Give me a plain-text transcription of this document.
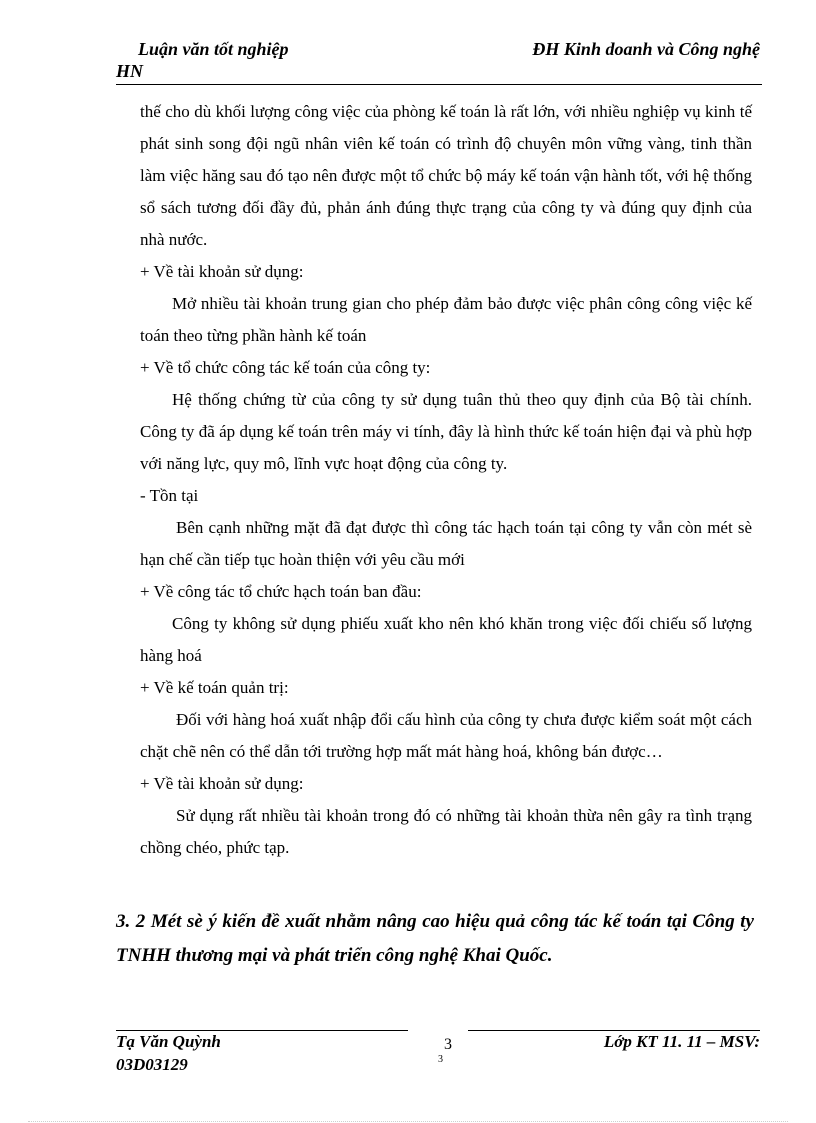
Luận văn tốt nghiệp
HN
ĐH Kinh doanh và Công nghệ

thế cho dù khối lượng công việc của phòng kế toán là rất lớn, với nhiều nghiệp vụ kinh tế phát sinh song đội ngũ nhân viên kế toán có trình độ chuyên môn vững vàng, tinh thần làm việc hăng sau đó tạo nên được một tổ chức bộ máy kế toán vận hành tốt, với hệ thống sổ sách tương đối đầy đủ, phản ánh đúng thực trạng của công ty và đúng quy định của nhà nước.

+ Về tài khoản sử dụng:

Mở nhiều tài khoản trung gian cho phép đảm bảo được việc phân công công việc kế toán theo từng phần hành kế toán

+ Về tổ chức công tác kế toán của công ty:

Hệ thống chứng từ của công ty sử dụng tuân thủ theo quy định của Bộ tài chính. Công ty đã áp dụng kế toán trên máy vi tính, đây là hình thức kế toán hiện đại và phù hợp với năng lực, quy mô, lĩnh vực hoạt động của công ty.

- Tồn tại

Bên cạnh những mặt đã đạt được thì công tác hạch toán tại công ty vẫn còn mét sè hạn chế cần tiếp tục hoàn thiện với yêu cầu mới

+ Về công tác tổ chức hạch toán ban đầu:

Công ty không sử dụng phiếu xuất kho nên khó khăn trong việc đối chiếu số lượng hàng hoá

+ Về kế toán quản trị:

Đối với hàng hoá xuất nhập đổi cấu hình của công ty chưa được kiểm soát một cách chặt chẽ nên có thể dẫn tới trường hợp mất mát hàng hoá, không bán được…

+ Về tài khoản sử dụng:

Sử dụng rất nhiều tài khoản trong đó có những tài khoản thừa nên gây ra tình trạng chồng chéo, phức tạp.

3. 2 Mét sè ý kiến đề xuất nhằm nâng cao hiệu quả công tác kế toán tại Công ty TNHH thương mại và phát triển công nghệ Khai Quốc.

Tạ Văn Quỳnh
03D03129
3
3
Lớp KT 11. 11 – MSV:
